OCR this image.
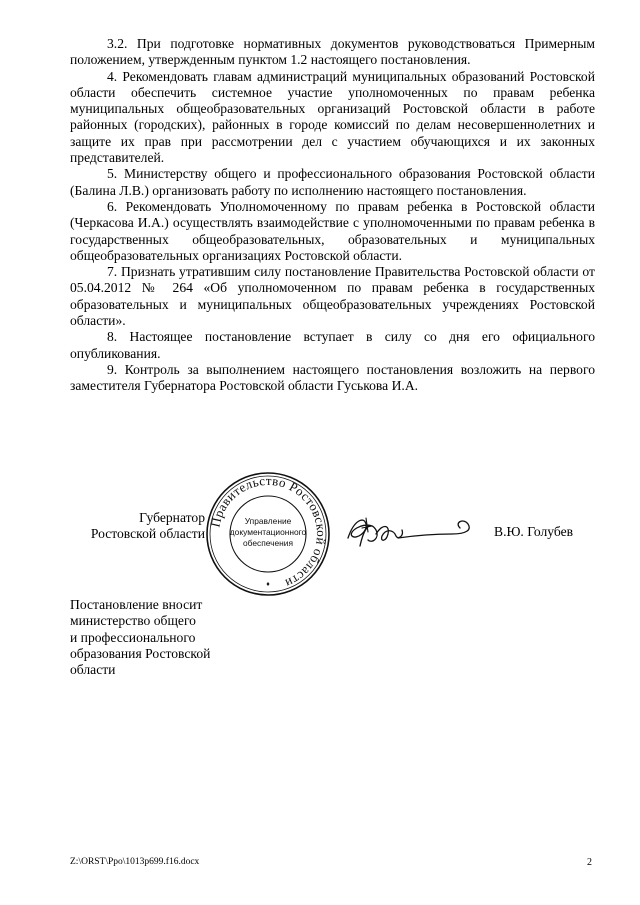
3.2. При подготовке нормативных документов руководствоваться Примерным положением, утвержденным пунктом 1.2 настоящего постановления.

4. Рекомендовать главам администраций муниципальных образований Ростовской области обеспечить системное участие уполномоченных по правам ребенка муниципальных общеобразовательных организаций Ростовской области в работе районных (городских), районных в городе комиссий по делам несовершеннолетних и защите их прав при рассмотрении дел с участием обучающихся и их законных представителей.

5. Министерству общего и профессионального образования Ростовской области (Балина Л.В.) организовать работу по исполнению настоящего постановления.

6. Рекомендовать Уполномоченному по правам ребенка в Ростовской области (Черкасова И.А.) осуществлять взаимодействие с уполномоченными по правам ребенка в государственных общеобразовательных, образовательных и муниципальных общеобразовательных организациях Ростовской области.

7. Признать утратившим силу постановление Правительства Ростовской области от 05.04.2012 № 264 «Об уполномоченном по правам ребенка в государственных образовательных и муниципальных общеобразовательных учреждениях Ростовской области».

8. Настоящее постановление вступает в силу со дня его официального опубликования.

9. Контроль за выполнением настоящего постановления возложить на первого заместителя Губернатора Ростовской области Гуськова И.А.

Губернатор
Ростовской области
Правительство Ростовской области
Управление
документационного
обеспечения
В.Ю. Голубев
Постановление вносит
министерство общего
и профессионального
образования Ростовской
области
Z:\ORST\Ppo\1013p699.f16.docx	2
